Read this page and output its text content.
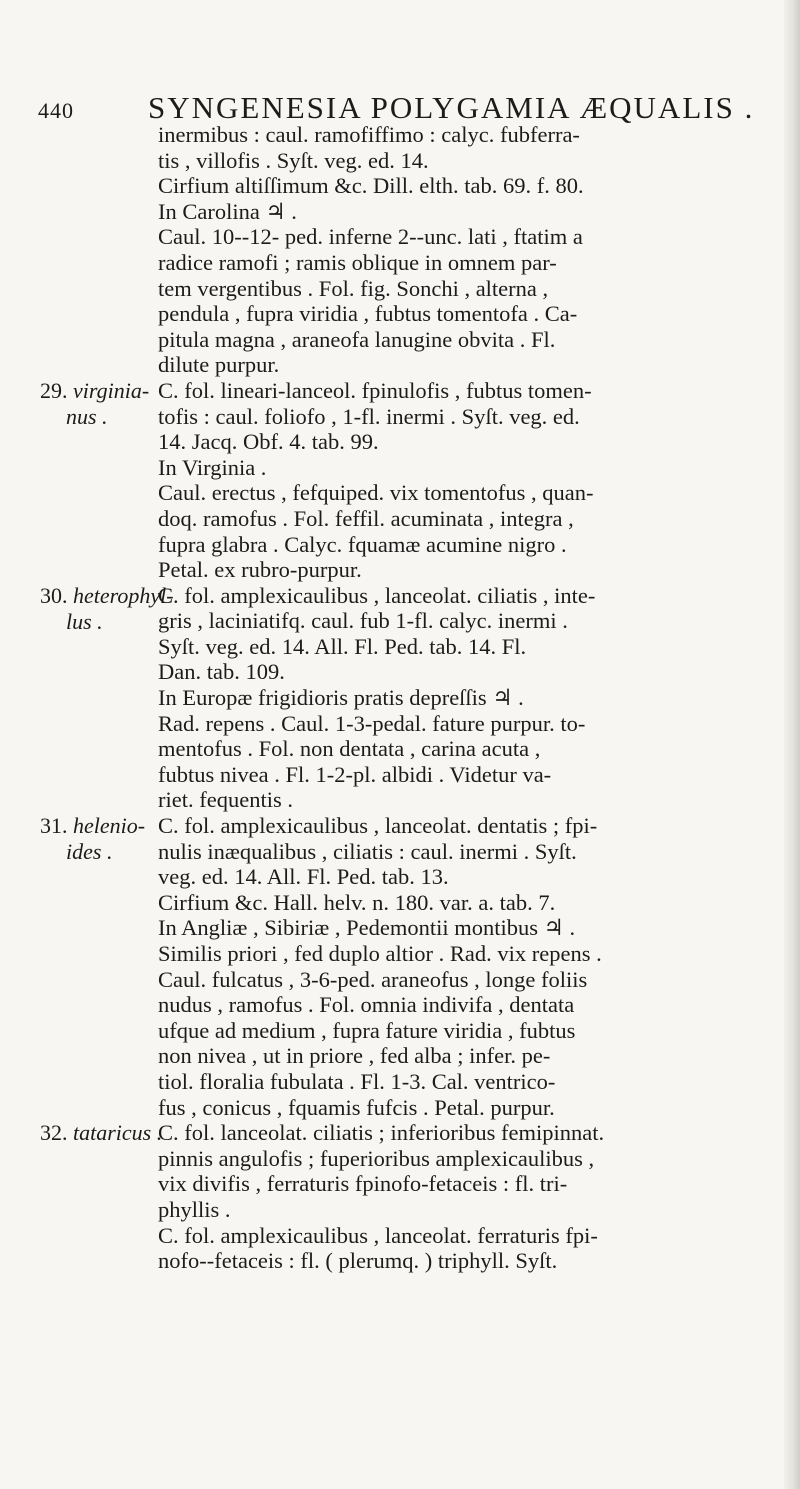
440 SYNGENESIA POLYGAMIA ÆQUALIS .
inermibus : caul. ramofiffimo : calyc. fubferra-
tis , villofis . Syſt. veg. ed. 14.
Cirfium altiſſimum &c. Dill. elth. tab. 69. f. 80.
In Carolina ♃ .
Caul. 10--12- ped. inferne 2--unc. lati , ftatim a
radice ramofi ; ramis oblique in omnem par-
tem vergentibus . Fol. fig. Sonchi , alterna ,
pendula , fupra viridia , fubtus tomentofa . Ca-
pitula magna , araneofa lanugine obvita . Fl.
dilute purpur.
29. virginia-
nus .
C. fol. lineari-lanceol. fpinulofis , fubtus tomen-
tofis : caul. foliofo , 1-fl. inermi . Syſt. veg. ed.
14. Jacq. Obf. 4. tab. 99.
In Virginia .
Caul. erectus , fefquiped. vix tomentofus , quan-
doq. ramofus . Fol. feffil. acuminata , integra ,
fupra glabra . Calyc. fquamæ acumine nigro .
Petal. ex rubro-purpur.
30. heterophyl-
lus .
C. fol. amplexicaulibus , lanceolat. ciliatis , inte-
gris , laciniatifq. caul. fub 1-fl. calyc. inermi .
Syſt. veg. ed. 14. All. Fl. Ped. tab. 14. Fl.
Dan. tab. 109.
In Europæ frigidioris pratis depreſſis ♃ .
Rad. repens . Caul. 1-3-pedal. fature purpur. to-
mentofus . Fol. non dentata , carina acuta ,
fubtus nivea . Fl. 1-2-pl. albidi . Videtur va-
riet. fequentis .
31. helenio-
ides .
C. fol. amplexicaulibus , lanceolat. dentatis ; fpi-
nulis inæqualibus , ciliatis : caul. inermi . Syſt.
veg. ed. 14. All. Fl. Ped. tab. 13.
Cirfium &c. Hall. helv. n. 180. var. a. tab. 7.
In Angliæ , Sibiriæ , Pedemontii montibus ♃ .
Similis priori , fed duplo altior . Rad. vix repens .
Caul. fulcatus , 3-6-ped. araneofus , longe foliis
nudus , ramofus . Fol. omnia indivifa , dentata
ufque ad medium , fupra fature viridia , fubtus
non nivea , ut in priore , fed alba ; infer. pe-
tiol. floralia fubulata . Fl. 1-3. Cal. ventrico-
fus , conicus , fquamis fufcis . Petal. purpur.
32. tataricus .
C. fol. lanceolat. ciliatis ; inferioribus femipinnat.
pinnis angulofis ; fuperioribus amplexicaulibus ,
vix divifis , ferraturis fpinofo-fetaceis : fl. tri-
phyllis .
C. fol. amplexicaulibus , lanceolat. ferraturis fpi-
nofo--fetaceis : fl. ( plerumq. ) triphyll. Syſt.
